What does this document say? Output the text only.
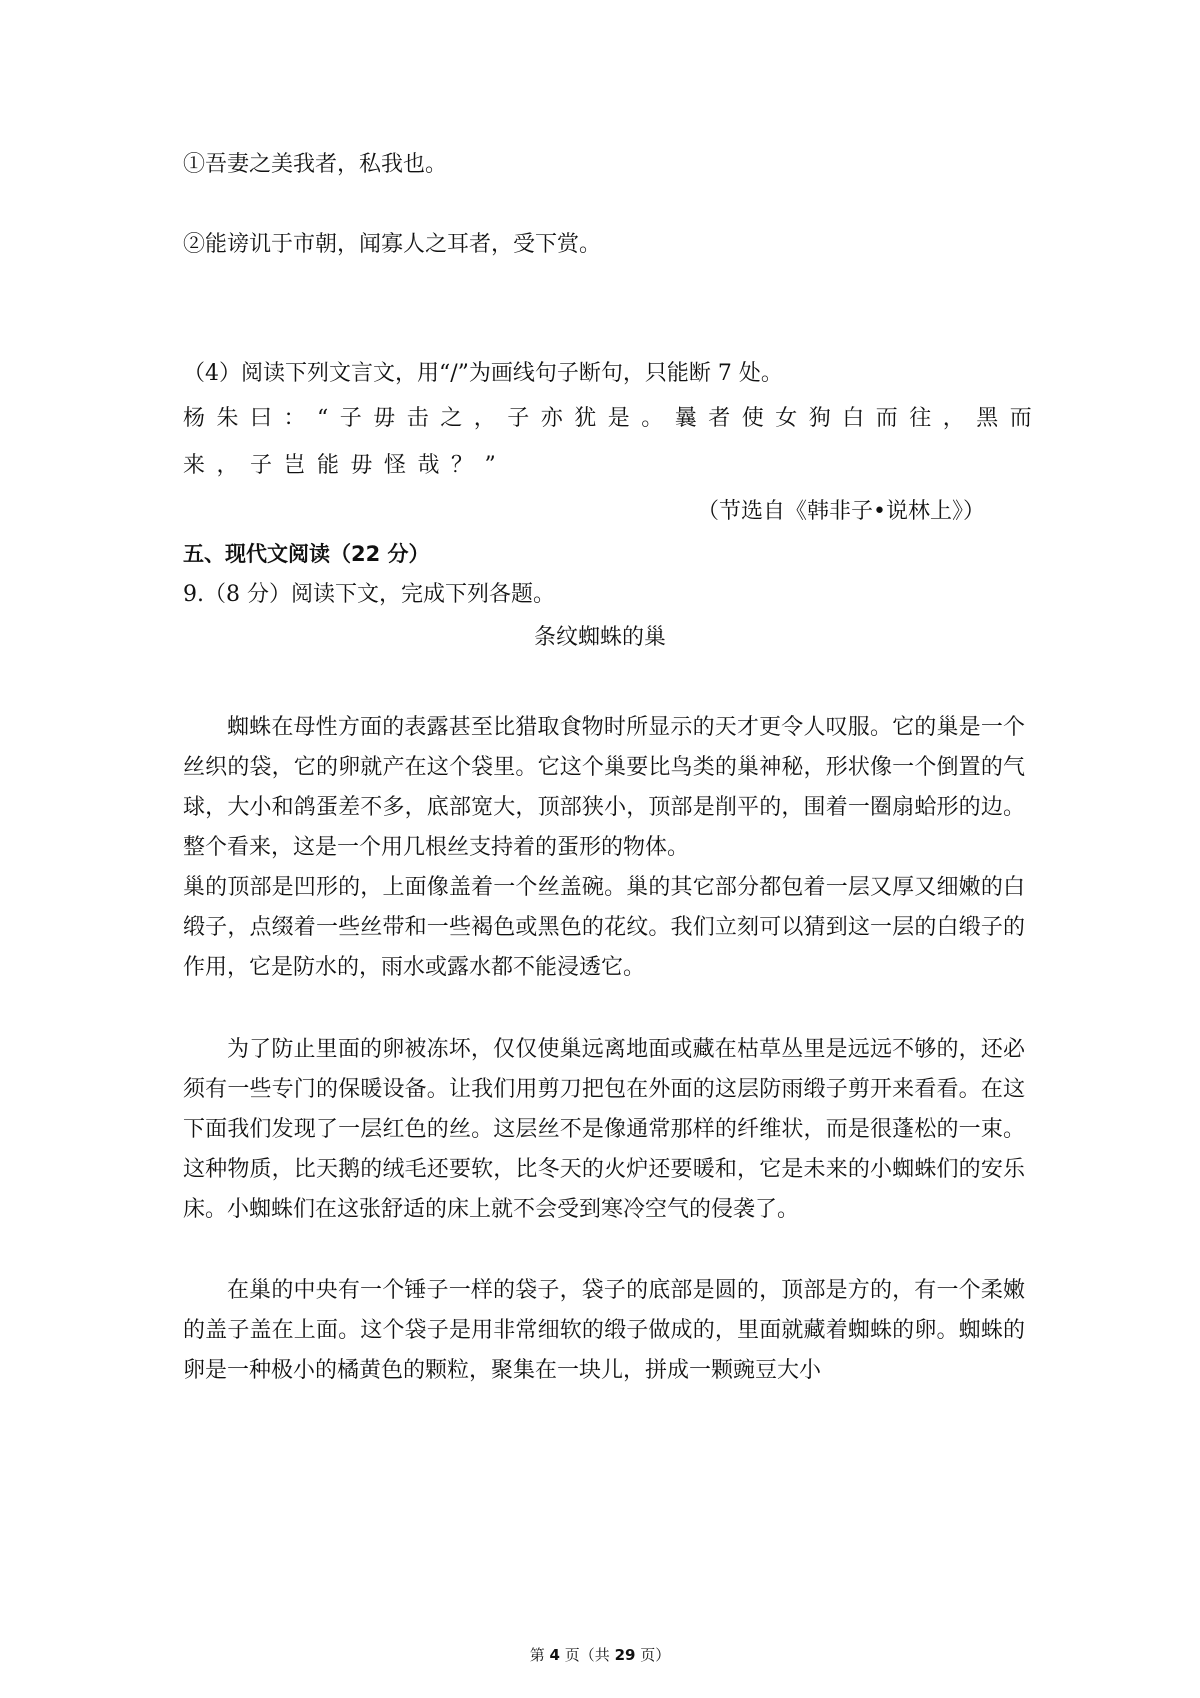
①吾妻之美我者，私我也。
②能谤讥于市朝，闻寡人之耳者，受下赏。
（4）阅读下列文言文，用“/”为画线句子断句，只能断 7 处。
杨朱曰：“子毋击之，子亦犹是。曩者使女狗白而往，黑而
来，子岂能毋怪哉？”
（节选自《韩非子•说林上》）
五、现代文阅读（22 分）
9.（8 分）阅读下文，完成下列各题。
条纹蜘蛛的巢
蜘蛛在母性方面的表露甚至比猎取食物时所显示的天才更令人叹服。它的巢是一个丝织的袋，它的卵就产在这个袋里。它这个巢要比鸟类的巢神秘，形状像一个倒置的气球，大小和鸽蛋差不多，底部宽大，顶部狭小，顶部是削平的，围着一圈扇蛤形的边。整个看来，这是一个用几根丝支持着的蛋形的物体。
巢的顶部是凹形的，上面像盖着一个丝盖碗。巢的其它部分都包着一层又厚又细嫩的白缎子，点缀着一些丝带和一些褐色或黑色的花纹。我们立刻可以猜到这一层的白缎子的作用，它是防水的，雨水或露水都不能浸透它。
为了防止里面的卵被冻坏，仅仅使巢远离地面或藏在枯草丛里是远远不够的，还必须有一些专门的保暖设备。让我们用剪刀把包在外面的这层防雨缎子剪开来看看。在这下面我们发现了一层红色的丝。这层丝不是像通常那样的纤维状，而是很蓬松的一束。这种物质，比天鹅的绒毛还要软，比冬天的火炉还要暖和，它是未来的小蜘蛛们的安乐床。小蜘蛛们在这张舒适的床上就不会受到寒冷空气的侵袭了。
在巢的中央有一个锤子一样的袋子，袋子的底部是圆的，顶部是方的，有一个柔嫩的盖子盖在上面。这个袋子是用非常细软的缎子做成的，里面就藏着蜘蛛的卵。蜘蛛的卵是一种极小的橘黄色的颗粒，聚集在一块儿，拼成一颗豌豆大小
第 4 页（共 29 页）
